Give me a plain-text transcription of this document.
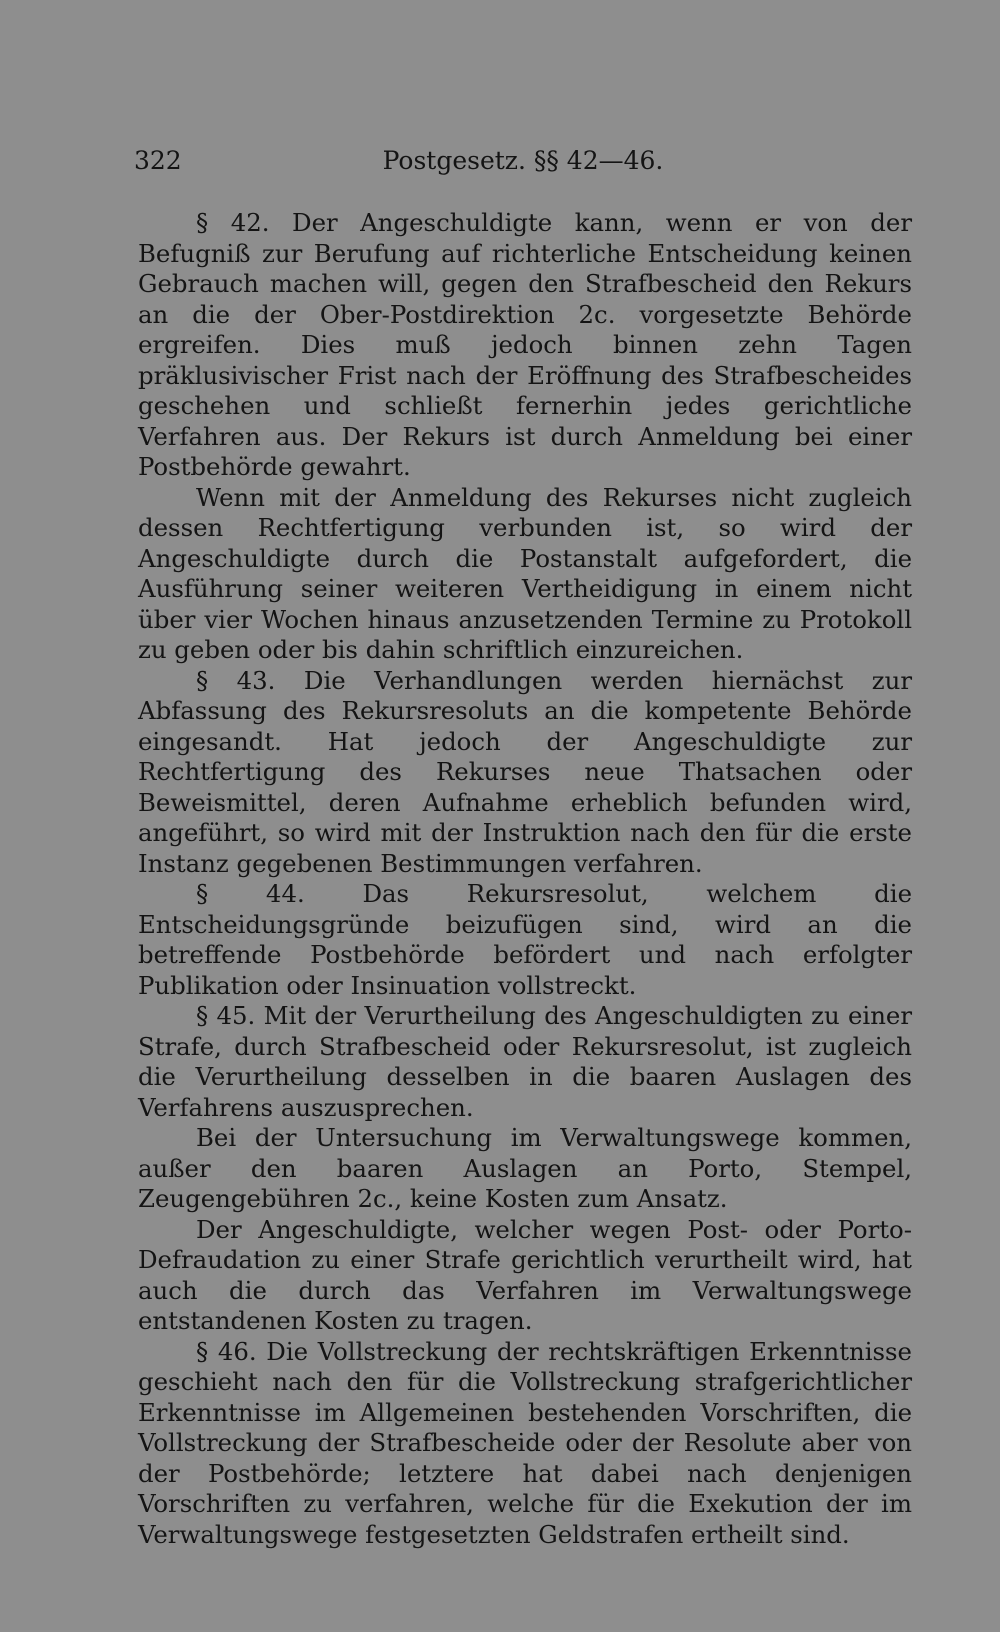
322	Postgesetz. §§ 42—46.

§ 42. Der Angeschuldigte kann, wenn er von der Befugniß zur Berufung auf richterliche Entscheidung keinen Gebrauch machen will, gegen den Strafbescheid den Rekurs an die der Ober-Postdirektion 2c. vorgesetzte Behörde ergreifen. Dies muß jedoch binnen zehn Tagen präklusivischer Frist nach der Eröffnung des Strafbescheides geschehen und schließt fernerhin jedes gerichtliche Verfahren aus. Der Rekurs ist durch Anmeldung bei einer Postbehörde gewahrt.

Wenn mit der Anmeldung des Rekurses nicht zugleich dessen Rechtfertigung verbunden ist, so wird der Angeschuldigte durch die Postanstalt aufgefordert, die Ausführung seiner weiteren Vertheidigung in einem nicht über vier Wochen hinaus anzusetzenden Termine zu Protokoll zu geben oder bis dahin schriftlich einzureichen.

§ 43. Die Verhandlungen werden hiernächst zur Abfassung des Rekursresoluts an die kompetente Behörde eingesandt. Hat jedoch der Angeschuldigte zur Rechtfertigung des Rekurses neue Thatsachen oder Beweismittel, deren Aufnahme erheblich befunden wird, angeführt, so wird mit der Instruktion nach den für die erste Instanz gegebenen Bestimmungen verfahren.

§ 44. Das Rekursresolut, welchem die Entscheidungsgründe beizufügen sind, wird an die betreffende Postbehörde befördert und nach erfolgter Publikation oder Insinuation vollstreckt.

§ 45. Mit der Verurtheilung des Angeschuldigten zu einer Strafe, durch Strafbescheid oder Rekursresolut, ist zugleich die Verurtheilung desselben in die baaren Auslagen des Verfahrens auszusprechen.

Bei der Untersuchung im Verwaltungswege kommen, außer den baaren Auslagen an Porto, Stempel, Zeugengebühren 2c., keine Kosten zum Ansatz.

Der Angeschuldigte, welcher wegen Post- oder Porto-Defraudation zu einer Strafe gerichtlich verurtheilt wird, hat auch die durch das Verfahren im Verwaltungswege entstandenen Kosten zu tragen.

§ 46. Die Vollstreckung der rechtskräftigen Erkenntnisse geschieht nach den für die Vollstreckung strafgerichtlicher Erkenntnisse im Allgemeinen bestehenden Vorschriften, die Vollstreckung der Strafbescheide oder der Resolute aber von der Postbehörde; letztere hat dabei nach denjenigen Vorschriften zu verfahren, welche für die Exekution der im Verwaltungswege festgesetzten Geldstrafen ertheilt sind.
